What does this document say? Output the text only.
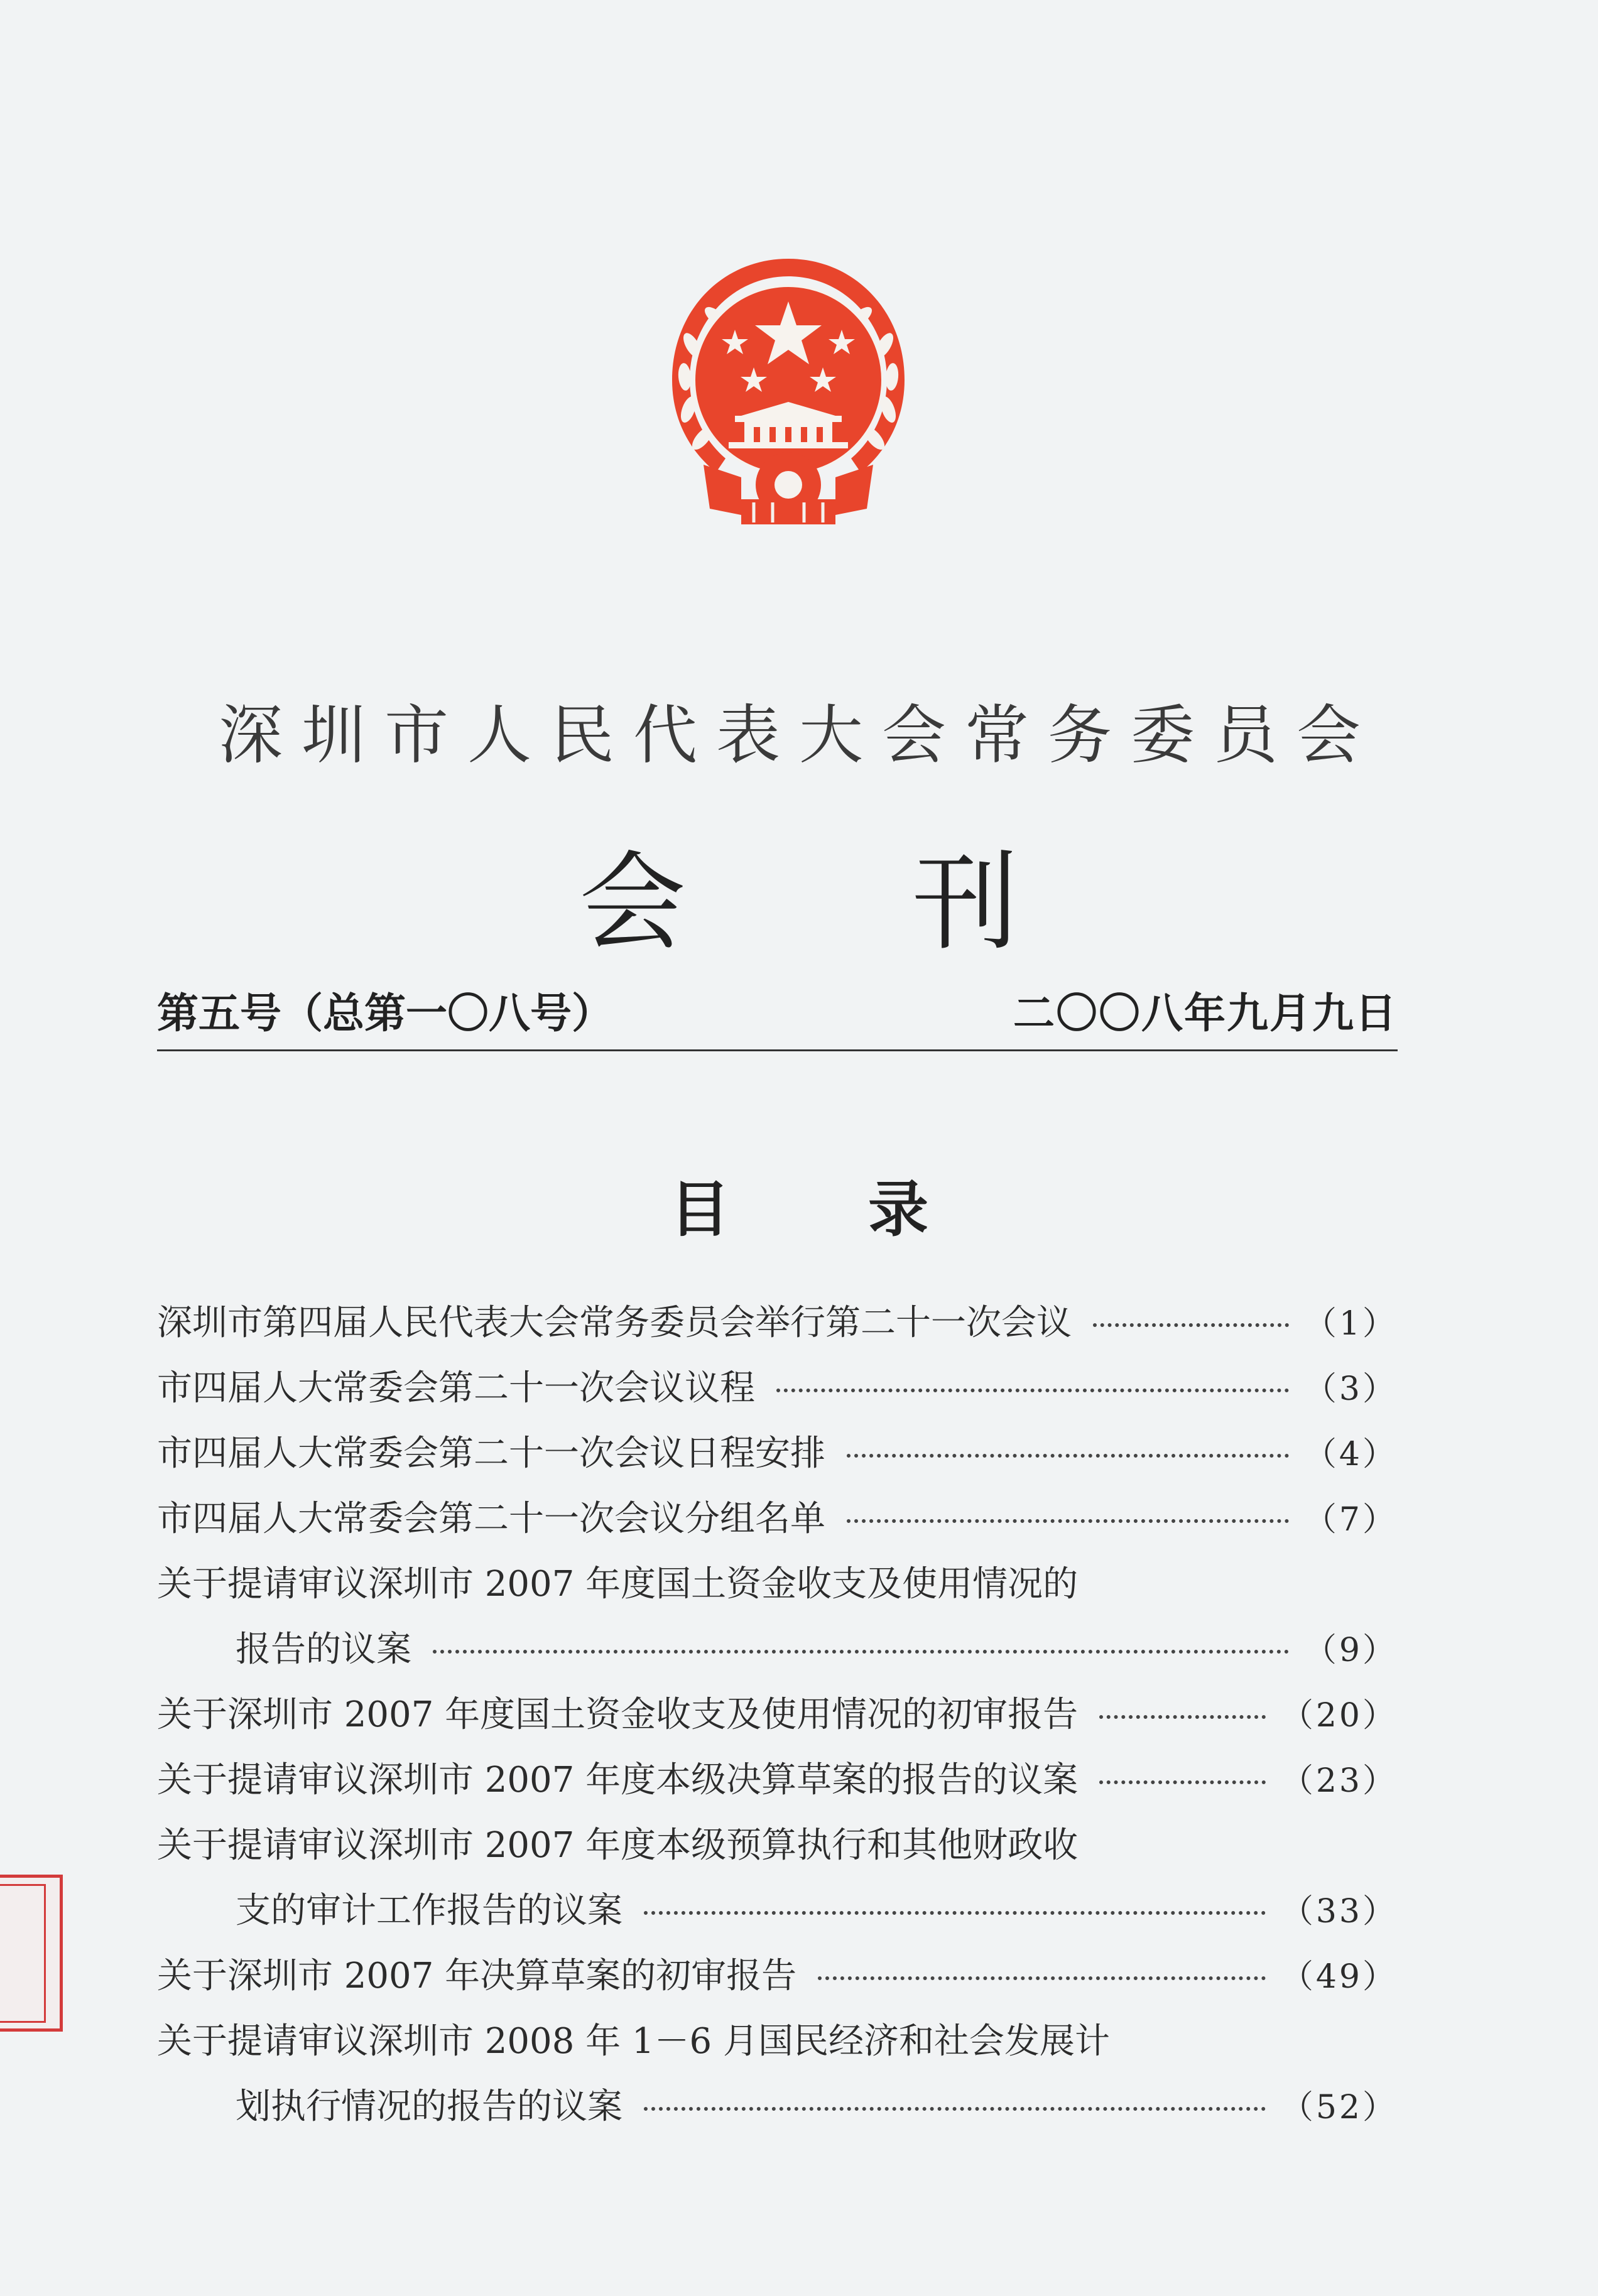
深圳市人民代表大会常务委员会
会刊
第五号（总第一〇八号）	二〇〇八年九月九日
目录
深圳市第四届人民代表大会常务委员会举行第二十一次会议	（1）
市四届人大常委会第二十一次会议议程	（3）
市四届人大常委会第二十一次会议日程安排	（4）
市四届人大常委会第二十一次会议分组名单	（7）
关于提请审议深圳市 2007 年度国土资金收支及使用情况的
报告的议案	（9）
关于深圳市 2007 年度国土资金收支及使用情况的初审报告	（20）
关于提请审议深圳市 2007 年度本级决算草案的报告的议案	（23）
关于提请审议深圳市 2007 年度本级预算执行和其他财政收
支的审计工作报告的议案	（33）
关于深圳市 2007 年决算草案的初审报告	（49）
关于提请审议深圳市 2008 年 1－6 月国民经济和社会发展计
划执行情况的报告的议案	（52）
